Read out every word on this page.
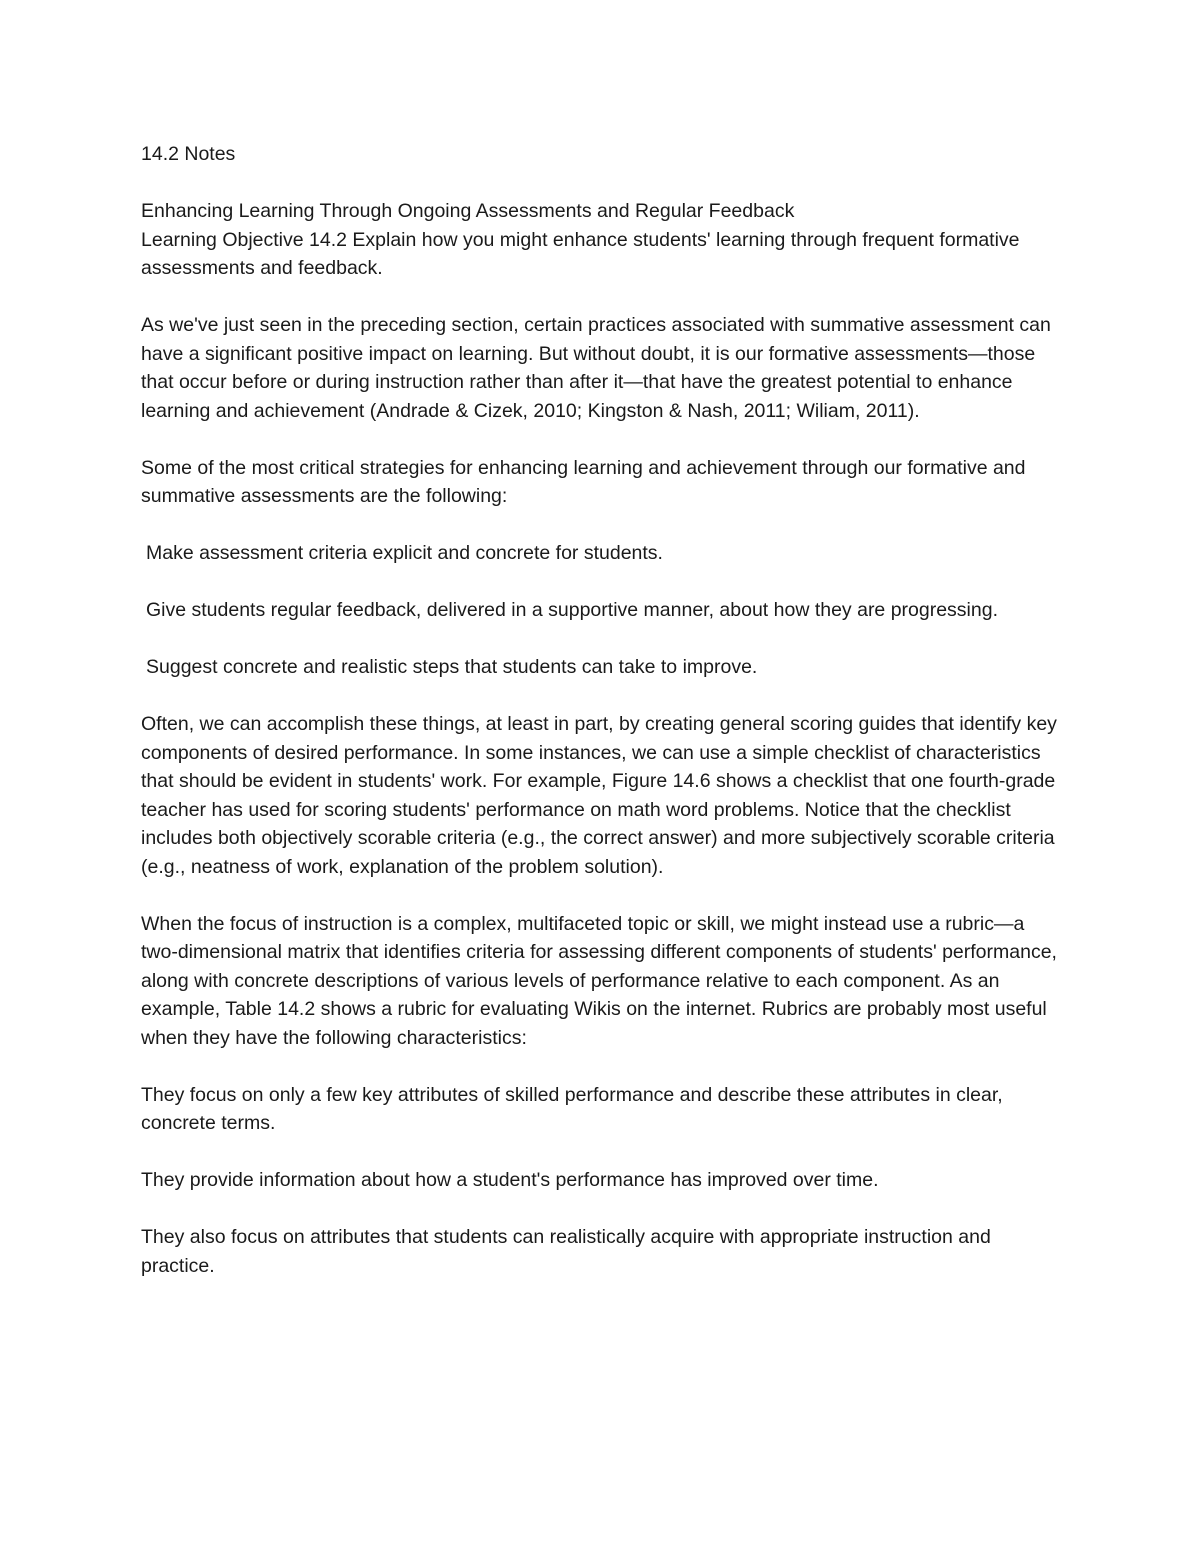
14.2 Notes

Enhancing Learning Through Ongoing Assessments and Regular Feedback

Learning Objective 14.2 Explain how you might enhance students' learning through frequent formative assessments and feedback.

As we've just seen in the preceding section, certain practices associated with summative assessment can have a significant positive impact on learning. But without doubt, it is our formative assessments—those that occur before or during instruction rather than after it—that have the greatest potential to enhance learning and achievement (Andrade & Cizek, 2010; Kingston & Nash, 2011; Wiliam, 2011).

Some of the most critical strategies for enhancing learning and achievement through our formative and summative assessments are the following:

Make assessment criteria explicit and concrete for students.

Give students regular feedback, delivered in a supportive manner, about how they are progressing.

Suggest concrete and realistic steps that students can take to improve.

Often, we can accomplish these things, at least in part, by creating general scoring guides that identify key components of desired performance. In some instances, we can use a simple checklist of characteristics that should be evident in students' work. For example, Figure 14.6 shows a checklist that one fourth-grade teacher has used for scoring students' performance on math word problems. Notice that the checklist includes both objectively scorable criteria (e.g., the correct answer) and more subjectively scorable criteria (e.g., neatness of work, explanation of the problem solution).

When the focus of instruction is a complex, multifaceted topic or skill, we might instead use a rubric—a two-dimensional matrix that identifies criteria for assessing different components of students' performance, along with concrete descriptions of various levels of performance relative to each component. As an example, Table 14.2 shows a rubric for evaluating Wikis on the internet. Rubrics are probably most useful when they have the following characteristics:

They focus on only a few key attributes of skilled performance and describe these attributes in clear, concrete terms.

They provide information about how a student's performance has improved over time.

They also focus on attributes that students can realistically acquire with appropriate instruction and practice.
